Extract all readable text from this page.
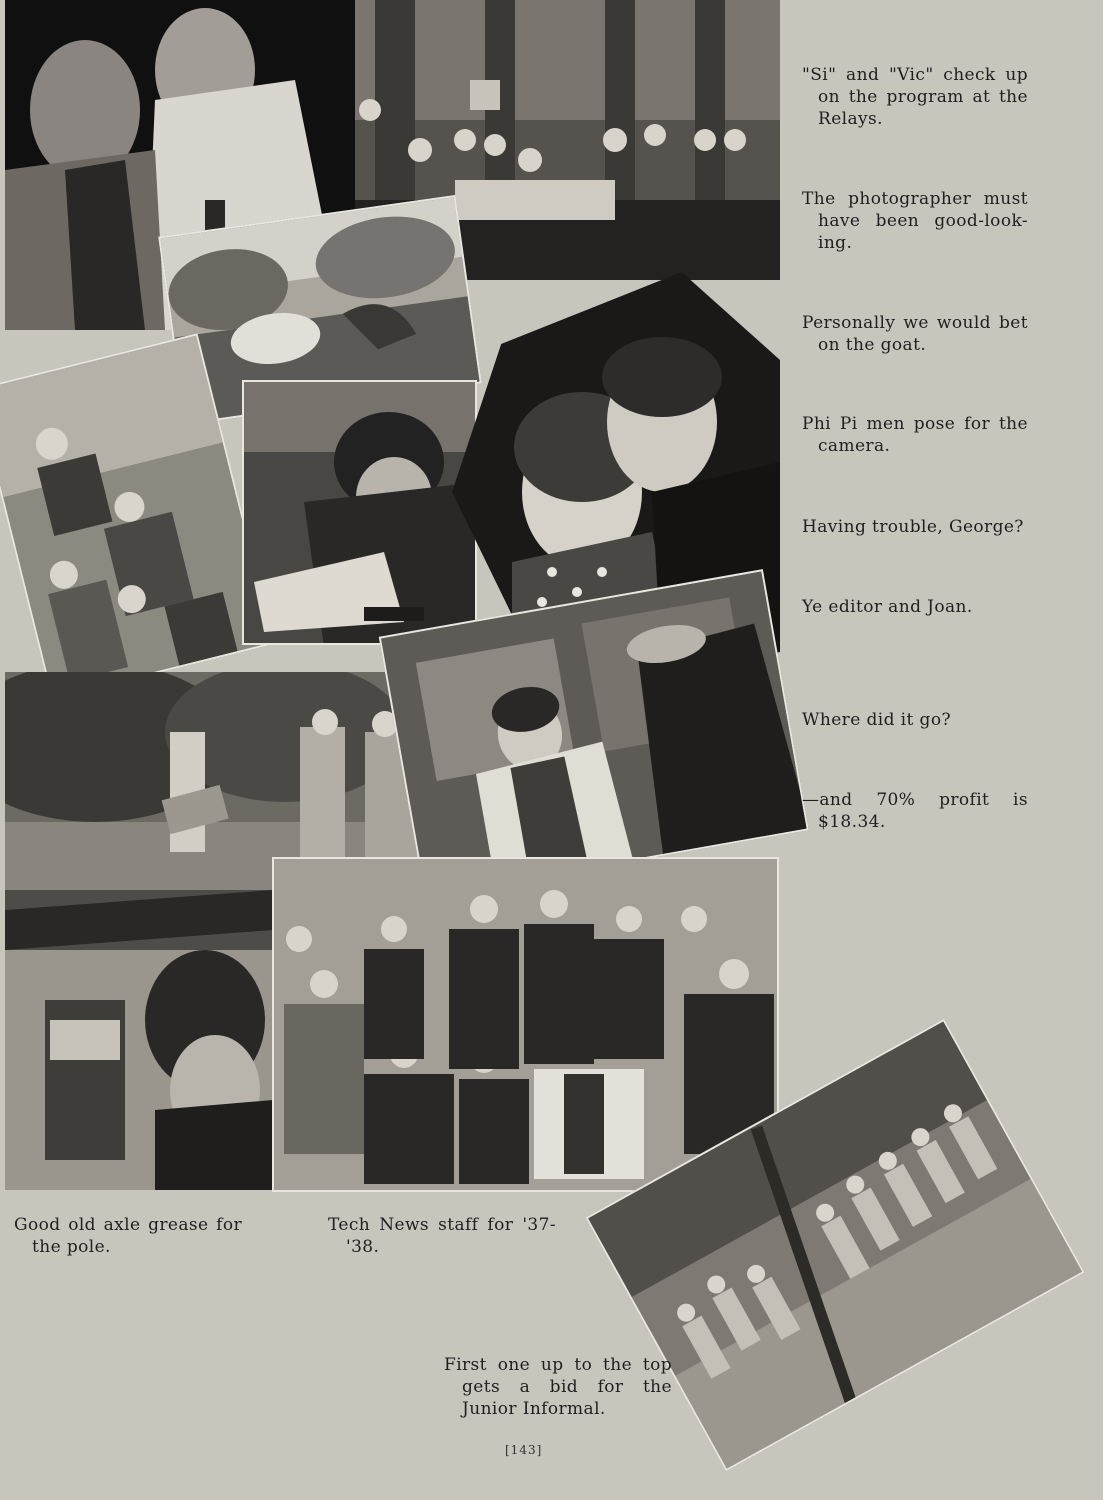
"Si" and "Vic" check up on the program at the Relays.
The photographer must have been good-look-ing.
Personally we would bet on the goat.
Phi Pi men pose for the camera.
Having trouble, George?
Ye editor and Joan.
Where did it go?
—and 70% profit is $18.34.
Good old axle grease for the pole.
Tech News staff for '37-'38.
First one up to the top gets a bid for the Junior Informal.
[143]
